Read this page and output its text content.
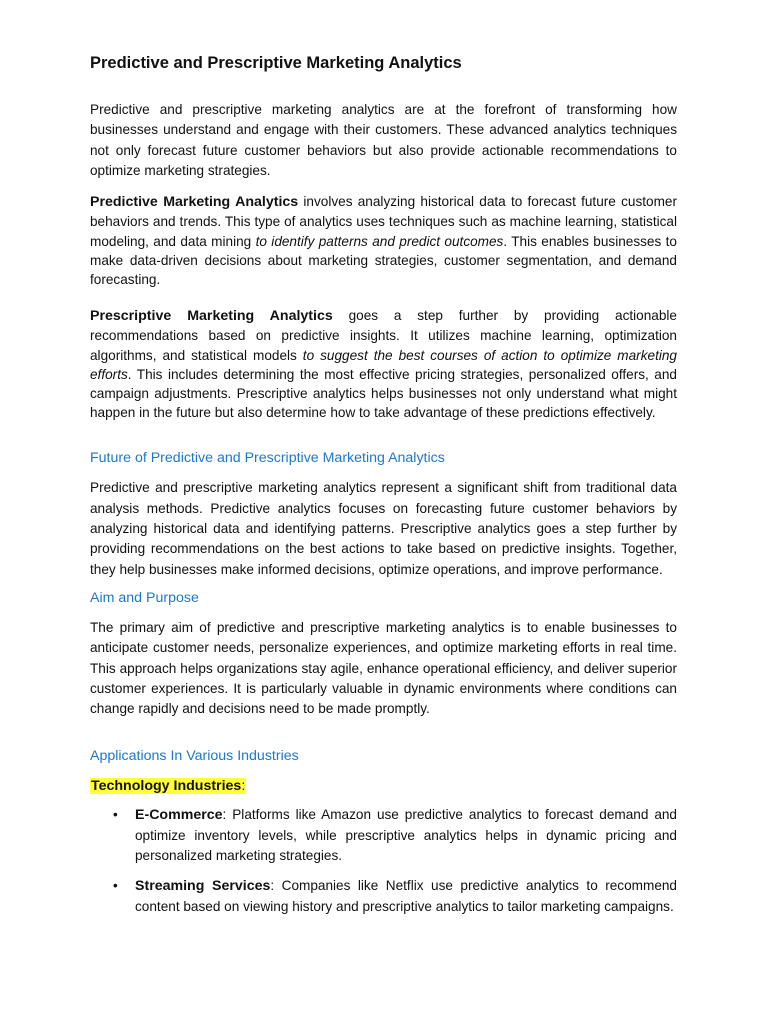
Predictive and Prescriptive Marketing Analytics

Predictive and prescriptive marketing analytics are at the forefront of transforming how businesses understand and engage with their customers. These advanced analytics techniques not only forecast future customer behaviors but also provide actionable recommendations to optimize marketing strategies.

Predictive Marketing Analytics involves analyzing historical data to forecast future customer behaviors and trends. This type of analytics uses techniques such as machine learning, statistical modeling, and data mining to identify patterns and predict outcomes. This enables businesses to make data-driven decisions about marketing strategies, customer segmentation, and demand forecasting.

Prescriptive Marketing Analytics goes a step further by providing actionable recommendations based on predictive insights. It utilizes machine learning, optimization algorithms, and statistical models to suggest the best courses of action to optimize marketing efforts. This includes determining the most effective pricing strategies, personalized offers, and campaign adjustments. Prescriptive analytics helps businesses not only understand what might happen in the future but also determine how to take advantage of these predictions effectively.

Future of Predictive and Prescriptive Marketing Analytics

Predictive and prescriptive marketing analytics represent a significant shift from traditional data analysis methods. Predictive analytics focuses on forecasting future customer behaviors by analyzing historical data and identifying patterns. Prescriptive analytics goes a step further by providing recommendations on the best actions to take based on predictive insights. Together, they help businesses make informed decisions, optimize operations, and improve performance.

Aim and Purpose

The primary aim of predictive and prescriptive marketing analytics is to enable businesses to anticipate customer needs, personalize experiences, and optimize marketing efforts in real time. This approach helps organizations stay agile, enhance operational efficiency, and deliver superior customer experiences. It is particularly valuable in dynamic environments where conditions can change rapidly and decisions need to be made promptly.

Applications In Various Industries
Technology Industries:
• E-Commerce: Platforms like Amazon use predictive analytics to forecast demand and optimize inventory levels, while prescriptive analytics helps in dynamic pricing and personalized marketing strategies.

• Streaming Services: Companies like Netflix use predictive analytics to recommend content based on viewing history and prescriptive analytics to tailor marketing campaigns.
